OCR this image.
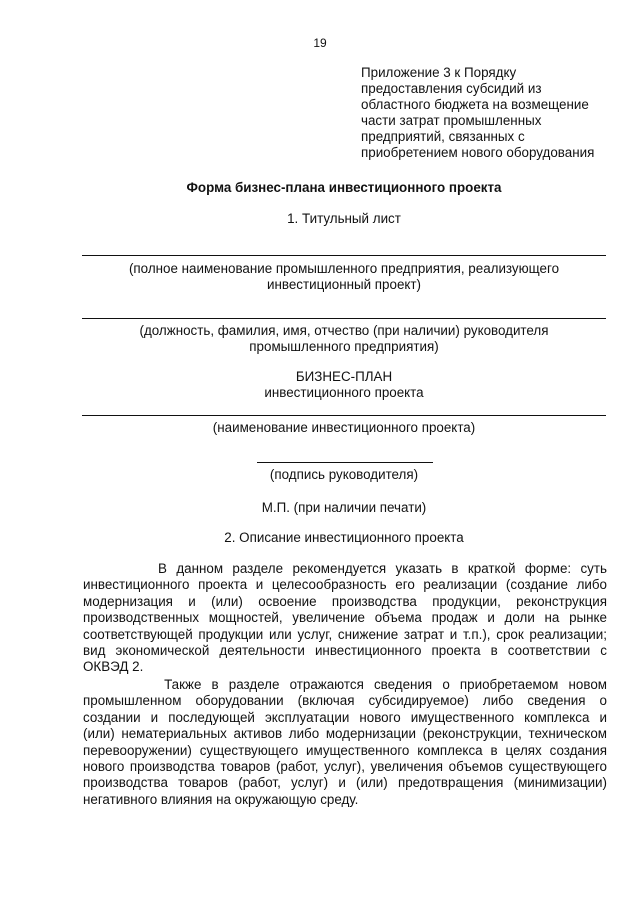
19
Приложение 3 к Порядку
предоставления субсидий из
областного бюджета на возмещение
части затрат промышленных
предприятий, связанных с
приобретением нового оборудования
Форма бизнес-плана инвестиционного проекта
1. Титульный лист
(полное наименование промышленного предприятия, реализующего
инвестиционный проект)
(должность, фамилия, имя, отчество (при наличии) руководителя
промышленного предприятия)
БИЗНЕС-ПЛАН
инвестиционного проекта
(наименование инвестиционного проекта)
(подпись руководителя)
М.П. (при наличии печати)
2. Описание инвестиционного проекта
В данном разделе рекомендуется указать в краткой форме: суть
инвестиционного проекта и целесообразность его реализации (создание либо
модернизация и (или) освоение производства продукции, реконструкция
производственных мощностей, увеличение объема продаж и доли на рынке
соответствующей продукции или услуг, снижение затрат и т.п.), срок реализации;
вид экономической деятельности инвестиционного проекта в соответствии с
ОКВЭД 2.
Также в разделе отражаются сведения о приобретаемом новом
промышленном оборудовании (включая субсидируемое) либо сведения о
создании и последующей эксплуатации нового имущественного комплекса и
(или) нематериальных активов либо модернизации (реконструкции, техническом
перевооружении) существующего имущественного комплекса в целях создания
нового производства товаров (работ, услуг), увеличения объемов существующего
производства товаров (работ, услуг) и (или) предотвращения (минимизации)
негативного влияния на окружающую среду.
